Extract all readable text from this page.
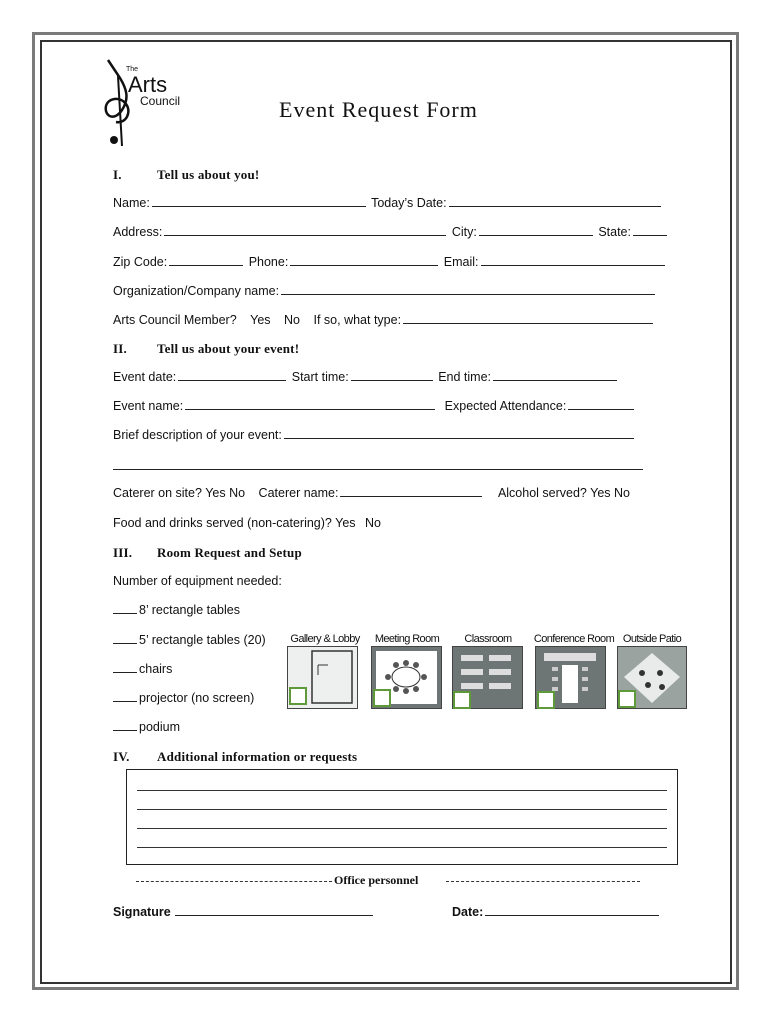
The
Arts
Council	Event Request Form
I.	Tell us about you!
Name:	Today’s Date:
Address:	City:	State:
Zip Code:	Phone:	Email:
Organization/Company name:
Arts Council Member? Yes No If so, what type:
II. Tell us about your event!
Event date:	Start time:	End time:
Event name:	Expected Attendance:
Brief description of your event:
Caterer on site? Yes No Caterer name:	Alcohol served? Yes No
Food and drinks served (non-catering)? Yes No
III. Room Request and Setup
Number of equipment needed:
8’ rectangle tables
5’ rectangle tables (20)
chairs
projector (no screen)
podium
Gallery & Lobby	Meeting Room	Classroom	Conference Room Outside Patio
IV. Additional information or requests
Office personnel
Signature	Date:
